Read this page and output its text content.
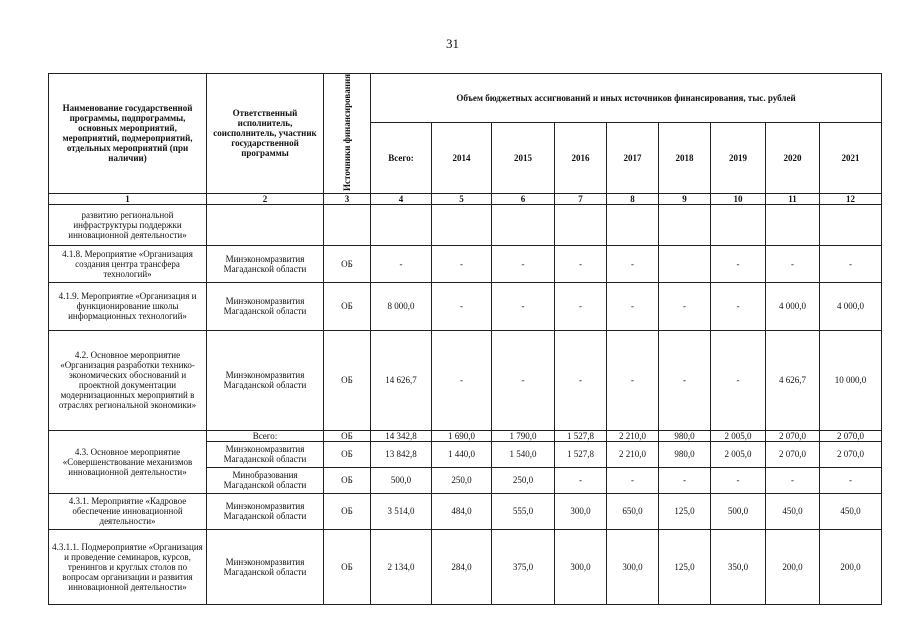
31
Наименование государственной программы, подпрограммы, основных мероприятий, мероприятий, подмероприятий, отдельных мероприятий (при наличии)	Ответственный исполнитель, соисполнитель, участник государственной программы	Источники финансирования	Объем бюджетных ассигнований и иных источников финансирования, тыс. рублей								
			Всего:	2014	2015	2016	2017	2018	2019	2020	2021
1	2	3	4	5	6	7	8	9	10	11	12
развитию региональной инфраструктуры поддержки инновационной деятельности»											
4.1.8. Мероприятие «Организация создания центра трансфера технологий»	Минэкономразвития Магаданской области	ОБ	-	-	-	-	-		-	-	-
4.1.9. Мероприятие «Организация и функционирование школы информационных технологий»	Минэкономразвития Магаданской области	ОБ	8 000,0	-	-	-	-	-	-	4 000,0	4 000,0
4.2. Основное мероприятие «Организация разработки технико-экономических обоснований и проектной документации модернизационных мероприятий в отраслях региональной экономики»	Минэкономразвития Магаданской области	ОБ	14 626,7	-	-	-	-	-	-	4 626,7	10 000,0
4.3. Основное мероприятие «Совершенствование механизмов инновационной деятельности»	Всего:	ОБ	14 342,8	1 690,0	1 790,0	1 527,8	2 210,0	980,0	2 005,0	2 070,0	2 070,0
	Минэкономразвития Магаданской области	ОБ	13 842,8	1 440,0	1 540,0	1 527,8	2 210,0	980,0	2 005,0	2 070,0	2 070,0
	Минобразования Магаданской области	ОБ	500,0	250,0	250,0	-	-	-	-	-	-
4.3.1. Мероприятие «Кадровое обеспечение инновационной деятельности»	Минэкономразвития Магаданской области	ОБ	3 514,0	484,0	555,0	300,0	650,0	125,0	500,0	450,0	450,0
4.3.1.1. Подмероприятие «Организация и проведение семинаров, курсов, тренингов и круглых столов по вопросам организации и развития инновационной деятельности»	Минэкономразвития Магаданской области	ОБ	2 134,0	284,0	375,0	300,0	300,0	125,0	350,0	200,0	200,0
